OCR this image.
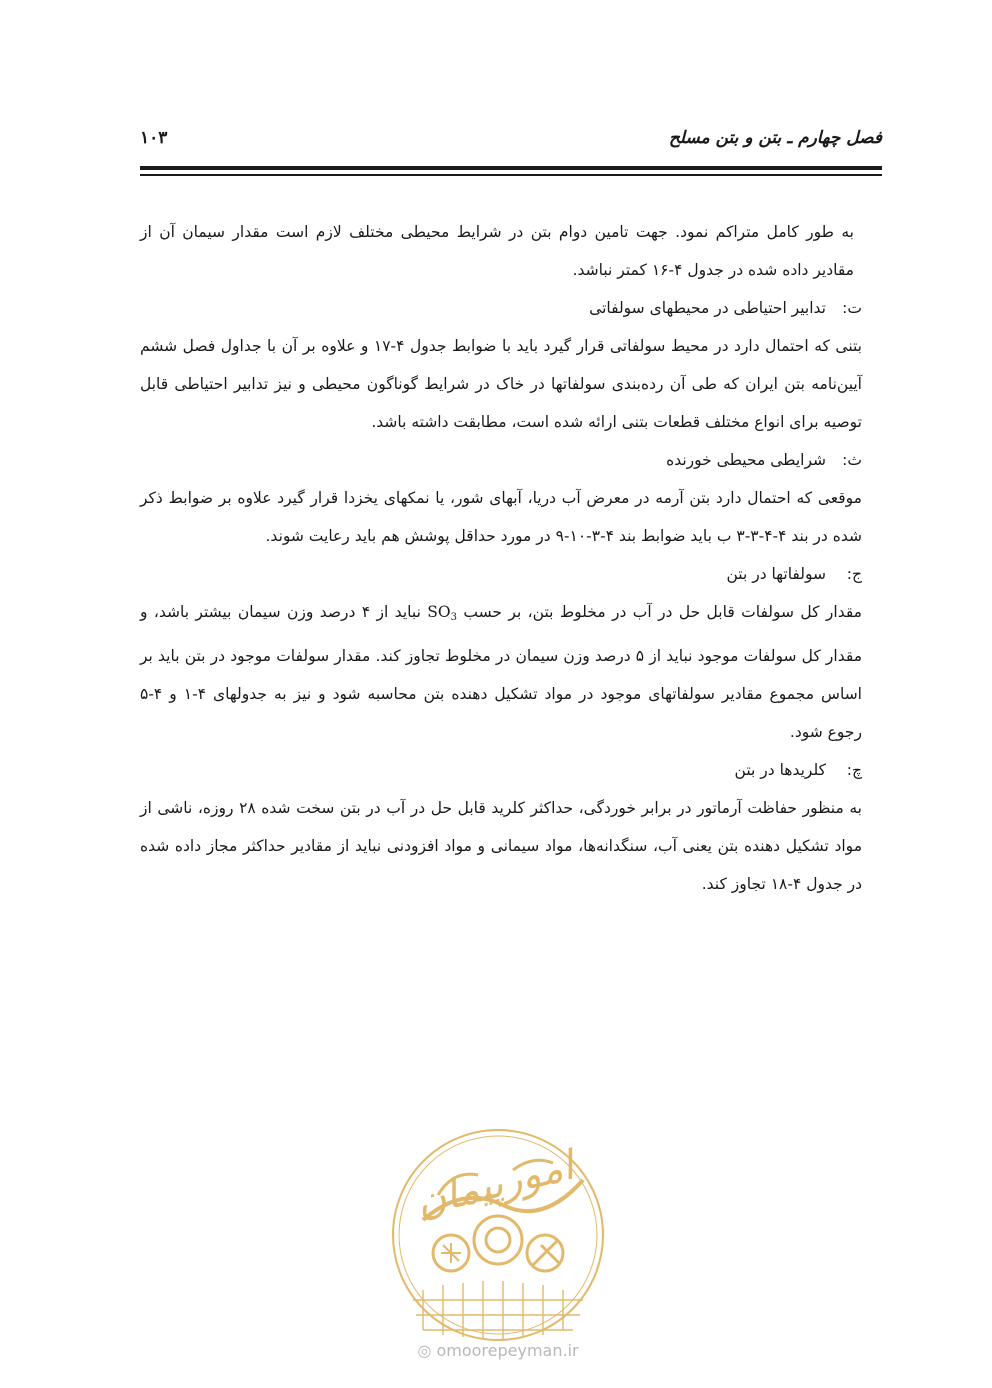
فصل چهارم ـ بتن و بتن مسلح
۱۰۳

به طور کامل متراکم نمود. جهت تامین دوام بتن در شرایط محیطی مختلف لازم است مقدار سیمان آن از مقادیر داده شده در جدول ۴-۱۶ کمتر نباشد.

ت:
تدابیر احتیاطی در محیطهای سولفاتی

بتنی که احتمال دارد در محیط سولفاتی قرار گیرد باید با ضوابط جدول ۴-۱۷ و علاوه بر آن با جداول فصل ششم آیین‌نامه بتن ایران که طی آن رده‌بندی سولفاتها در خاک در شرایط گوناگون محیطی و نیز تدابیر احتیاطی قابل توصیه برای انواع مختلف قطعات بتنی ارائه شده است، مطابقت داشته باشد.

ث:
شرایطی محیطی خورنده

موقعی که احتمال دارد بتن آرمه در معرض آب دریا، آبهای شور، یا نمکهای یخزدا قرار گیرد علاوه بر ضوابط ذکر شده در بند ۴-۴-۳-۳ ب باید ضوابط بند ۴-۳-۱۰-۹ در مورد حداقل پوشش هم باید رعایت شوند.

ج:
سولفاتها در بتن

مقدار کل سولفات قابل حل در آب در مخلوط بتن، بر حسب $SO_3$ نباید از ۴ درصد وزن سیمان بیشتر باشد، و مقدار کل سولفات موجود نباید از ۵ درصد وزن سیمان در مخلوط تجاوز کند. مقدار سولفات موجود در بتن باید بر اساس مجموع مقادیر سولفاتهای موجود در مواد تشکیل دهنده بتن محاسبه شود و نیز به جدولهای ۴-۱ و ۴-۵ رجوع شود.

چ:
کلریدها در بتن

به منظور حفاظت آرماتور در برابر خوردگی، حداکثر کلرید قابل حل در آب در بتن سخت شده ۲۸ روزه، ناشی از مواد تشکیل دهنده بتن یعنی آب، سنگدانه‌ها، مواد سیمانی و مواد افزودنی نباید از مقادیر حداکثر مجاز داده شده در جدول ۴-۱۸ تجاوز کند.

امورپیمان
◎ omoorepeyman.ir
